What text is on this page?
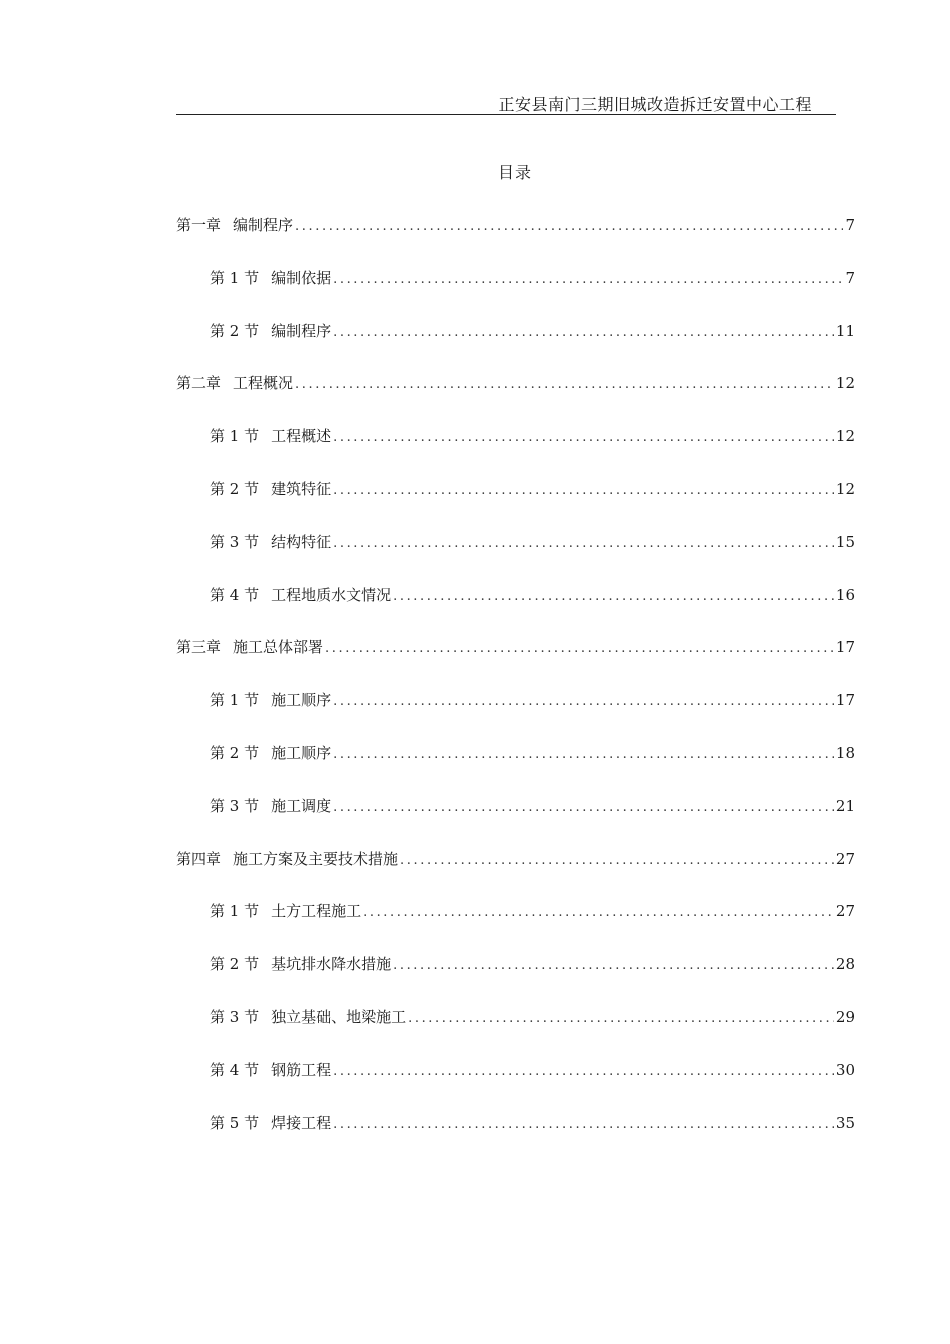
正安县南门三期旧城改造拆迁安置中心工程
目录
第一章 编制程序 .....	7
第 1 节 编制依据 .....	7
第 2 节 编制程序 .....	11
第二章 工程概况 .....	12
第 1 节 工程概述 .....	12
第 2 节 建筑特征 .....	12
第 3 节 结构特征 .....	15
第 4 节 工程地质水文情况 .....	16
第三章 施工总体部署 .....	17
第 1 节 施工顺序 .....	17
第 2 节 施工顺序 .....	18
第 3 节 施工调度 .....	21
第四章 施工方案及主要技术措施 .....	27
第 1 节 土方工程施工 .....	27
第 2 节 基坑排水降水措施 .....	28
第 3 节 独立基础、地梁施工 .....	29
第 4 节 钢筋工程 .....	30
第 5 节 焊接工程 .....	35
